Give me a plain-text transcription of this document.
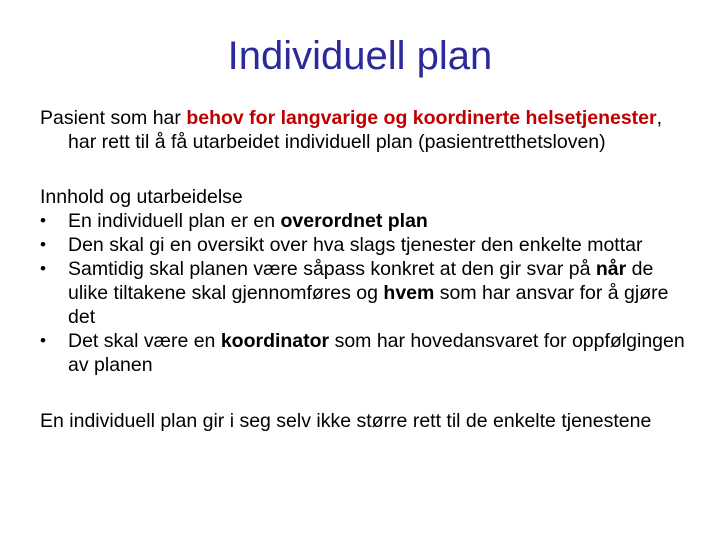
Individuell plan

Pasient som har behov for langvarige og koordinerte helsetjenester, har rett til å få utarbeidet individuell plan (pasientretthetsloven)

Innhold og utarbeidelse

•	En individuell plan er en overordnet plan
•	Den skal gi en oversikt over hva slags tjenester den enkelte mottar
•	Samtidig skal planen være såpass konkret at den gir svar på når de ulike tiltakene skal gjennomføres og hvem som har ansvar for å gjøre det
•	Det skal være en koordinator som har hovedansvaret for oppfølgingen av planen

En individuell plan gir i seg selv ikke større rett til de enkelte tjenestene
